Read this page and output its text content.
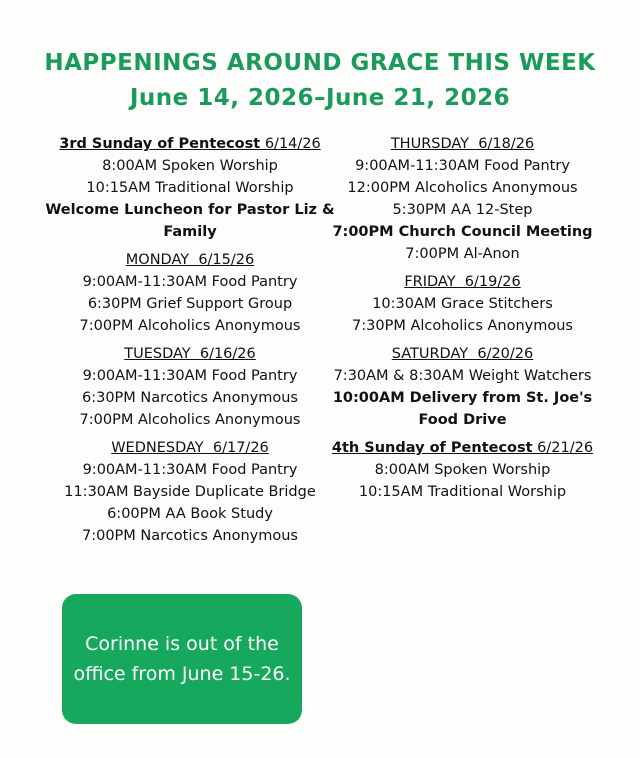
HAPPENINGS AROUND GRACE THIS WEEK
June 14, 2026–June 21, 2026
3rd Sunday of Pentecost 6/14/26
8:00AM Spoken Worship
10:15AM Traditional Worship
Welcome Luncheon for Pastor Liz & Family
MONDAY  6/15/26
9:00AM-11:30AM Food Pantry
6:30PM Grief Support Group
7:00PM Alcoholics Anonymous
TUESDAY  6/16/26
9:00AM-11:30AM Food Pantry
6:30PM Narcotics Anonymous
7:00PM Alcoholics Anonymous
WEDNESDAY  6/17/26
9:00AM-11:30AM Food Pantry
11:30AM Bayside Duplicate Bridge
6:00PM AA Book Study
7:00PM Narcotics Anonymous
THURSDAY  6/18/26
9:00AM-11:30AM Food Pantry
12:00PM Alcoholics Anonymous
5:30PM AA 12-Step
7:00PM Church Council Meeting
7:00PM Al-Anon
FRIDAY  6/19/26
10:30AM Grace Stitchers
7:30PM Alcoholics Anonymous
SATURDAY  6/20/26
7:30AM & 8:30AM Weight Watchers
10:00AM Delivery from St. Joe's Food Drive
4th Sunday of Pentecost 6/21/26
8:00AM Spoken Worship
10:15AM Traditional Worship
Corinne is out of the office from June 15-26.
